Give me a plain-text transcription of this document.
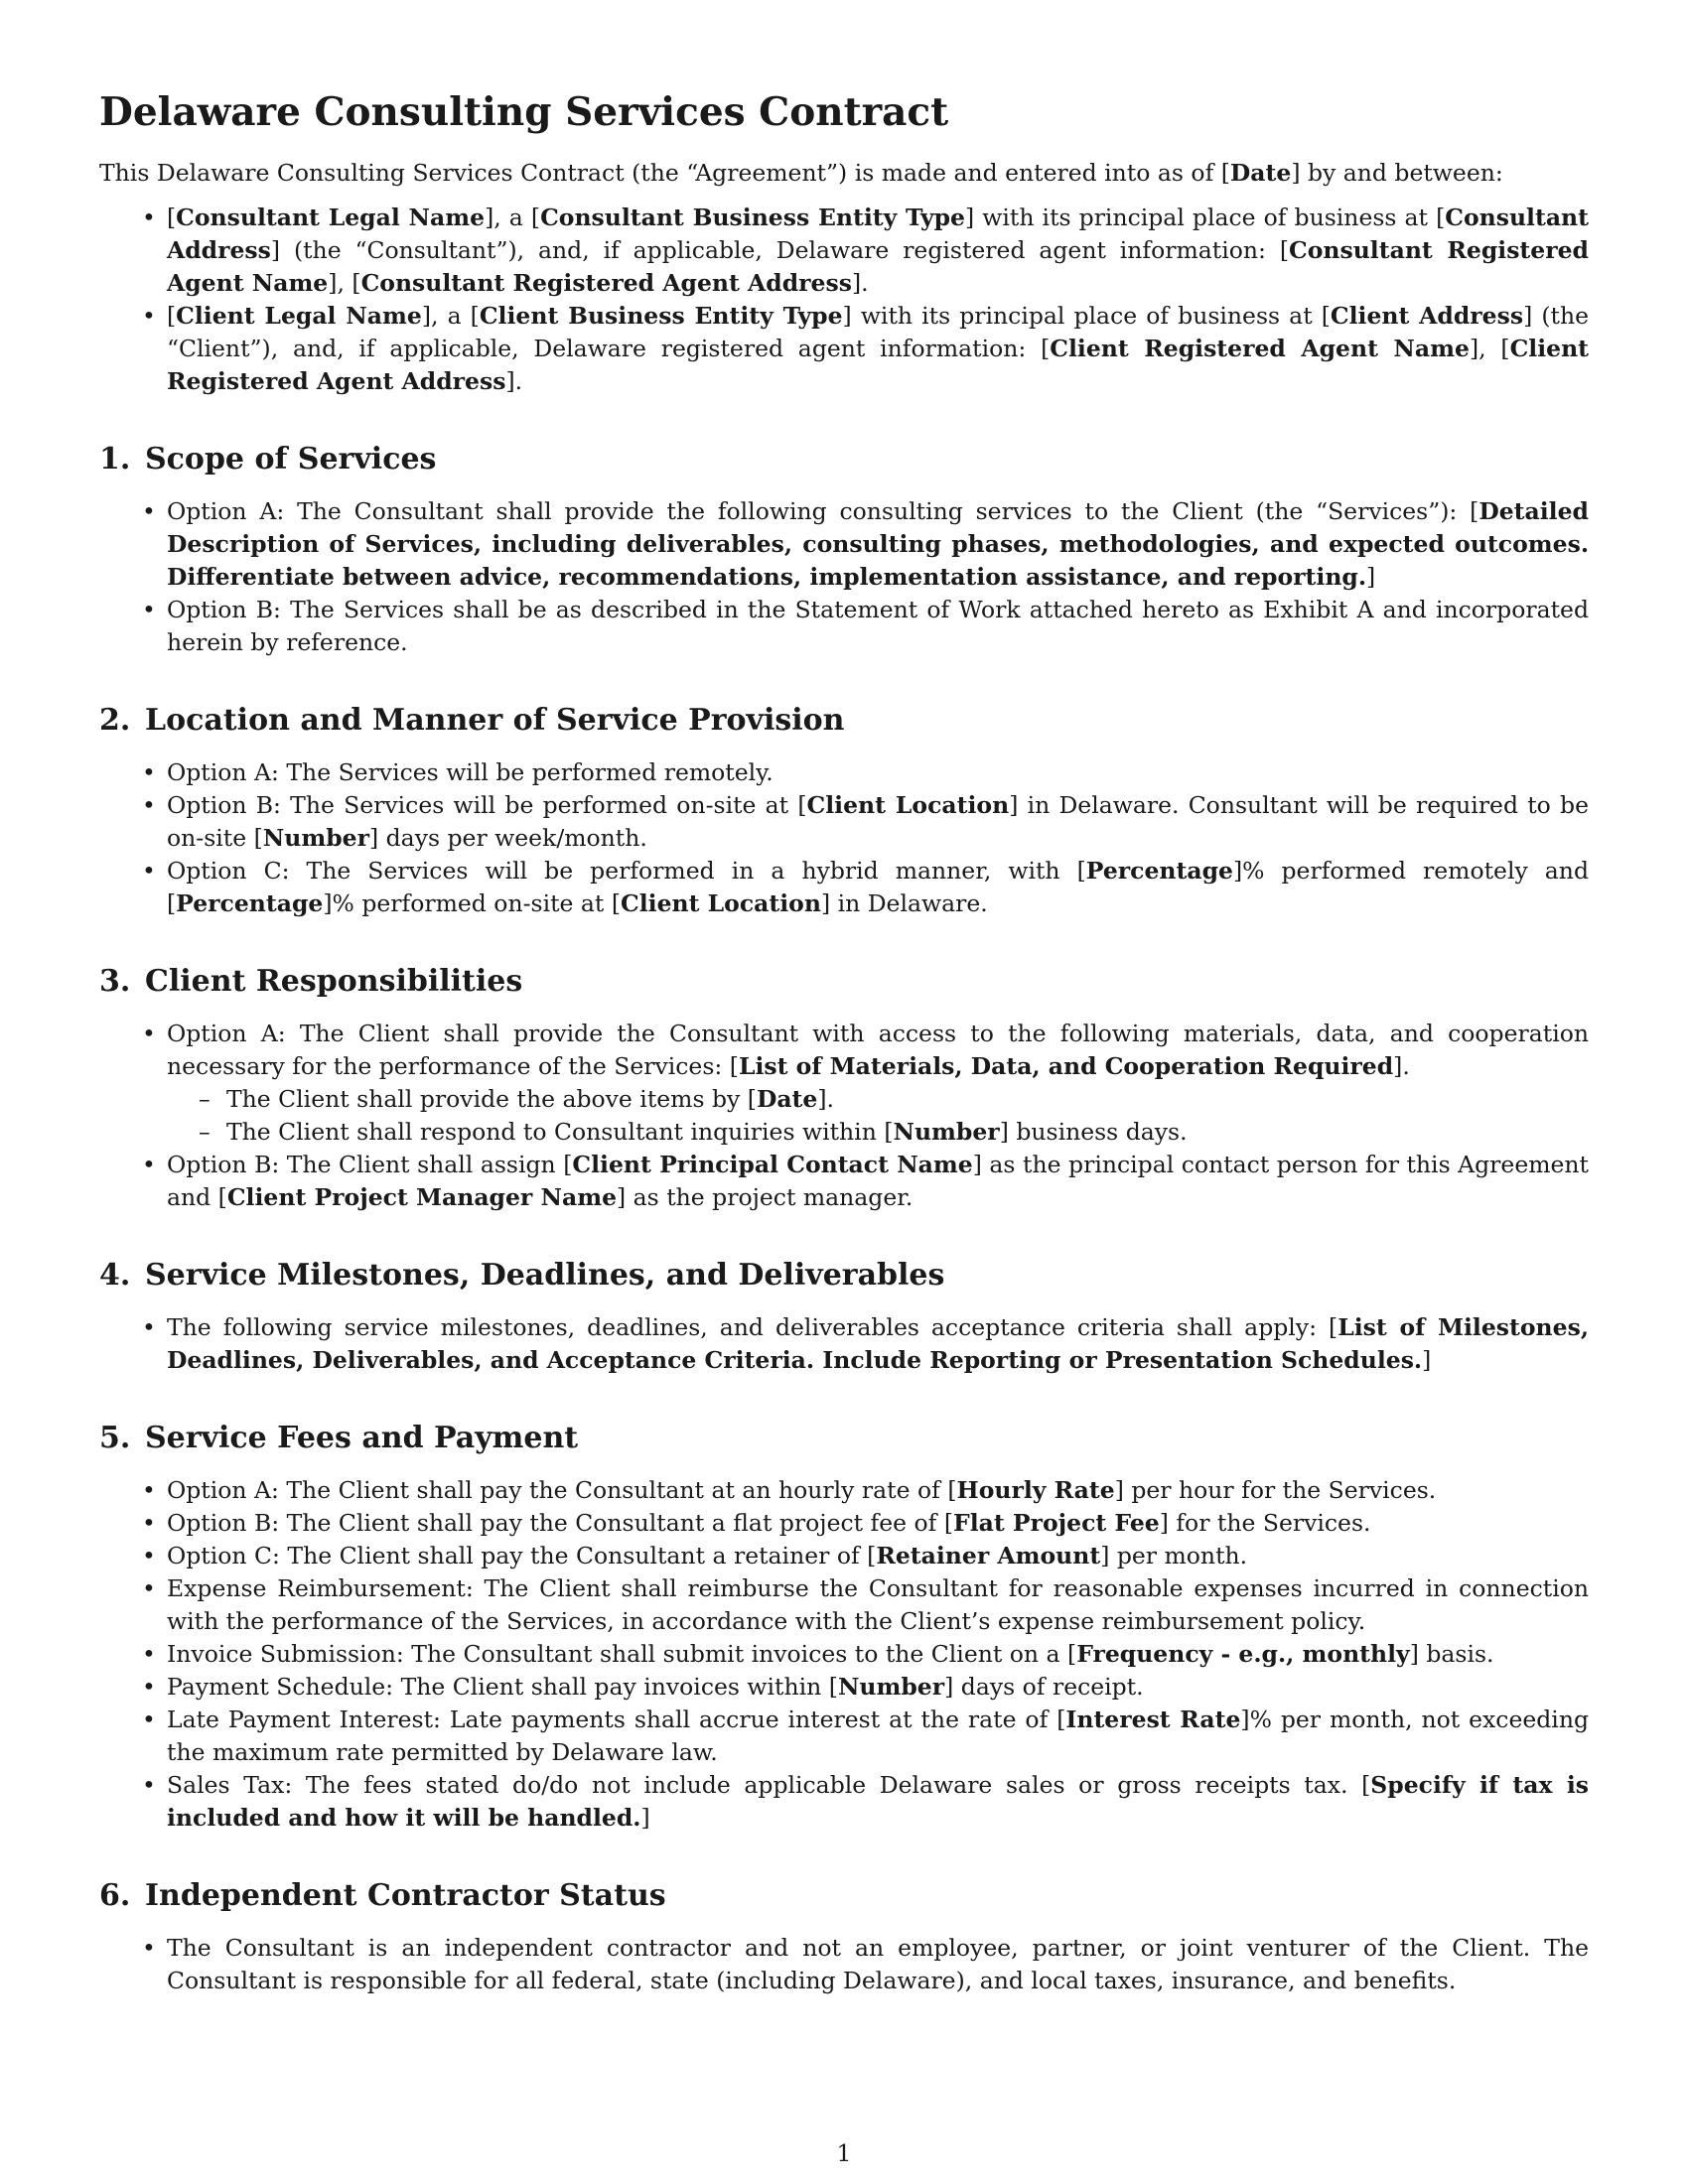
Delaware Consulting Services Contract

This Delaware Consulting Services Contract (the “Agreement”) is made and entered into as of [Date] by and between:

• [Consultant Legal Name], a [Consultant Business Entity Type] with its principal place of business at [Consultant Address] (the “Consultant”), and, if applicable, Delaware registered agent information: [Consultant Registered Agent Name], [Consultant Registered Agent Address].
• [Client Legal Name], a [Client Business Entity Type] with its principal place of business at [Client Address] (the “Client”), and, if applicable, Delaware registered agent information: [Client Registered Agent Name], [Client Registered Agent Address].
1. Scope of Services
• Option A: The Consultant shall provide the following consulting services to the Client (the “Services”): [Detailed Description of Services, including deliverables, consulting phases, methodologies, and expected outcomes. Differentiate between advice, recommendations, implementation assistance, and reporting.]
• Option B: The Services shall be as described in the Statement of Work attached hereto as Exhibit A and incorporated herein by reference.
2. Location and Manner of Service Provision
• Option A: The Services will be performed remotely.
• Option B: The Services will be performed on-site at [Client Location] in Delaware. Consultant will be required to be on-site [Number] days per week/month.
• Option C: The Services will be performed in a hybrid manner, with [Percentage]% performed remotely and [Percentage]% performed on-site at [Client Location] in Delaware.
3. Client Responsibilities
• Option A: The Client shall provide the Consultant with access to the following materials, data, and cooperation necessary for the performance of the Services: [List of Materials, Data, and Cooperation Required].
– The Client shall provide the above items by [Date].
– The Client shall respond to Consultant inquiries within [Number] business days.
• Option B: The Client shall assign [Client Principal Contact Name] as the principal contact person for this Agreement and [Client Project Manager Name] as the project manager.
4. Service Milestones, Deadlines, and Deliverables
• The following service milestones, deadlines, and deliverables acceptance criteria shall apply: [List of Milestones, Deadlines, Deliverables, and Acceptance Criteria. Include Reporting or Presentation Schedules.]
5. Service Fees and Payment
• Option A: The Client shall pay the Consultant at an hourly rate of [Hourly Rate] per hour for the Services.
• Option B: The Client shall pay the Consultant a flat project fee of [Flat Project Fee] for the Services.
• Option C: The Client shall pay the Consultant a retainer of [Retainer Amount] per month.
• Expense Reimbursement: The Client shall reimburse the Consultant for reasonable expenses incurred in connection with the performance of the Services, in accordance with the Client’s expense reimbursement policy.
• Invoice Submission: The Consultant shall submit invoices to the Client on a [Frequency - e.g., monthly] basis.
• Payment Schedule: The Client shall pay invoices within [Number] days of receipt.
• Late Payment Interest: Late payments shall accrue interest at the rate of [Interest Rate]% per month, not exceeding the maximum rate permitted by Delaware law.
• Sales Tax: The fees stated do/do not include applicable Delaware sales or gross receipts tax. [Specify if tax is included and how it will be handled.]
6. Independent Contractor Status
• The Consultant is an independent contractor and not an employee, partner, or joint venturer of the Client. The Consultant is responsible for all federal, state (including Delaware), and local taxes, insurance, and benefits.
1
